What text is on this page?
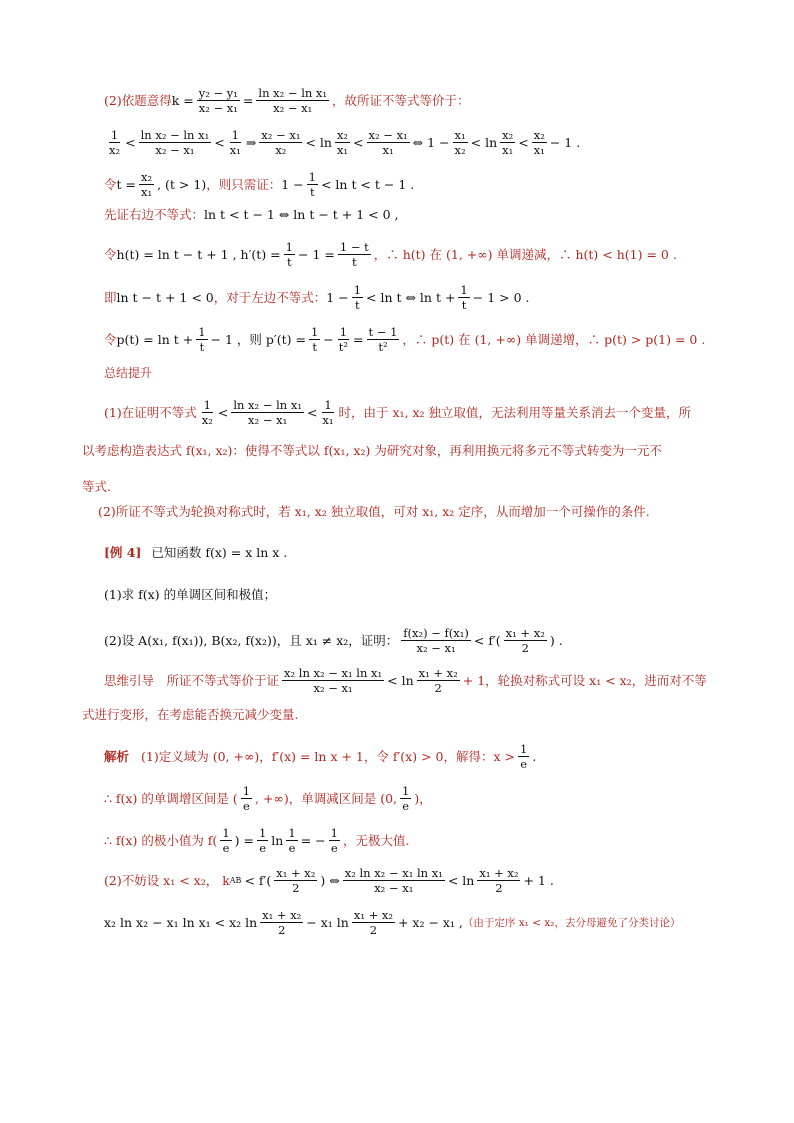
(2)依题意得 $k = \frac{\text{y₂ − y₁}}{\text{x₂ − x₁}} = \frac{\text{ln x₂ − ln x₁}}{\text{x₂ − x₁}}$ ，故所证不等式等价于：
$\frac{1}{\text{x₂}} < \frac{\text{ln x₂ − ln x₁}}{\text{x₂ − x₁}} < \frac{1}{\text{x₁}}$ ⇒ $\frac{\text{x₂ − x₁}}{\text{x₂}} < \ln \frac{\text{x₂}}{\text{x₁}} < \frac{\text{x₂ − x₁}}{\text{x₁}}$ ⇔ $1 - \frac{\text{x₁}}{\text{x₂}} < \ln \frac{\text{x₂}}{\text{x₁}} < \frac{\text{x₂}}{\text{x₁}} - 1$ .
令 $t = \frac{\text{x₂}}{\text{x₁}}$ , (t > 1) ，则只需证： $1 - \frac{1}{t} < \ln t < t - 1$ .
先证右边不等式： ln t < t − 1 ⇔ ln t − t + 1 < 0 ,
令 h(t) = ln t − t + 1 , $h'(t) = \frac{1}{t} - 1 = \frac{1 - t}{t}$ ，∴ h(t) 在 (1, +∞) 单调递减，∴ h(t) < h(1) = 0 .
即 ln t − t + 1 < 0 ，对于左边不等式： $1 - \frac{1}{t} < \ln t$ ⇔ $\ln t + \frac{1}{t} - 1 > 0$ .
令 $p(t) = \ln t + \frac{1}{t} - 1$ ，则 $p'(t) = \frac{1}{t} - \frac{1}{\text{t²}} = \frac{t - 1}{\text{t²}}$ ，∴ p(t) 在 (1, +∞) 单调递增，∴ p(t) > p(1) = 0 .
总结提升
(1)在证明不等式 $\frac{1}{\text{x₂}} < \frac{\text{ln x₂ − ln x₁}}{\text{x₂ − x₁}} < \frac{1}{\text{x₁}}$ 时，由于 x₁, x₂ 独立取值，无法利用等量关系消去一个变量，所
以考虑构造表达式 f(x₁, x₂)：使得不等式以 f(x₁, x₂) 为研究对象，再利用换元将多元不等式转变为一元不
等式.
(2)所证不等式为轮换对称式时，若 x₁, x₂ 独立取值，可对 x₁, x₂ 定序，从而增加一个可操作的条件.
[例 4] 已知函数 f(x) = x ln x .
(1)求 f(x) 的单调区间和极值；
(2)设 A(x₁, f(x₁)), B(x₂, f(x₂))，且 x₁ ≠ x₂，证明： $\frac{\text{f(x₂) − f(x₁)}}{\text{x₂ − x₁}} < f'( \frac{\text{x₁ + x₂}}{2}$ ) .
思维引导　所证不等式等价于证 $\frac{\text{x₂ ln x₂ − x₁ ln x₁}}{\text{x₂ − x₁}} < \ln \frac{\text{x₁ + x₂}}{2} + 1$，轮换对称式可设 x₁ < x₂，进而对不等
式进行变形，在考虑能否换元减少变量.
解析 (1)定义域为 (0, +∞)，f′(x) = ln x + 1，令 f′(x) > 0，解得：$x > \frac{1}{e}$ .
∴ f(x) 的单调增区间是 ( $\frac{1}{e}$ , +∞)，单调减区间是 (0, $\frac{1}{e}$ )，
∴ f(x) 的极小值为 $f( \frac{1}{e}$ ) = $\frac{1}{e}$ $\ln \frac{1}{e}$ = − $\frac{1}{e}$ ，无极大值.
(2)不妨设 x₁ < x₂， k AB < $f'( \frac{\text{x₁ + x₂}}{2}$ ) ⇔ $\frac{\text{x₂ ln x₂ − x₁ ln x₁}}{\text{x₂ − x₁}} < \ln \frac{\text{x₁ + x₂}}{2} + 1$ .
x₂ ln x₂ − x₁ ln x₁ < x₂ $\ln \frac{\text{x₁ + x₂}}{2} - x_1$ $\ln \frac{\text{x₁ + x₂}}{2} + x_2 - x_1$ , （由于定序 x₁ < x₂，去分母避免了分类讨论）
